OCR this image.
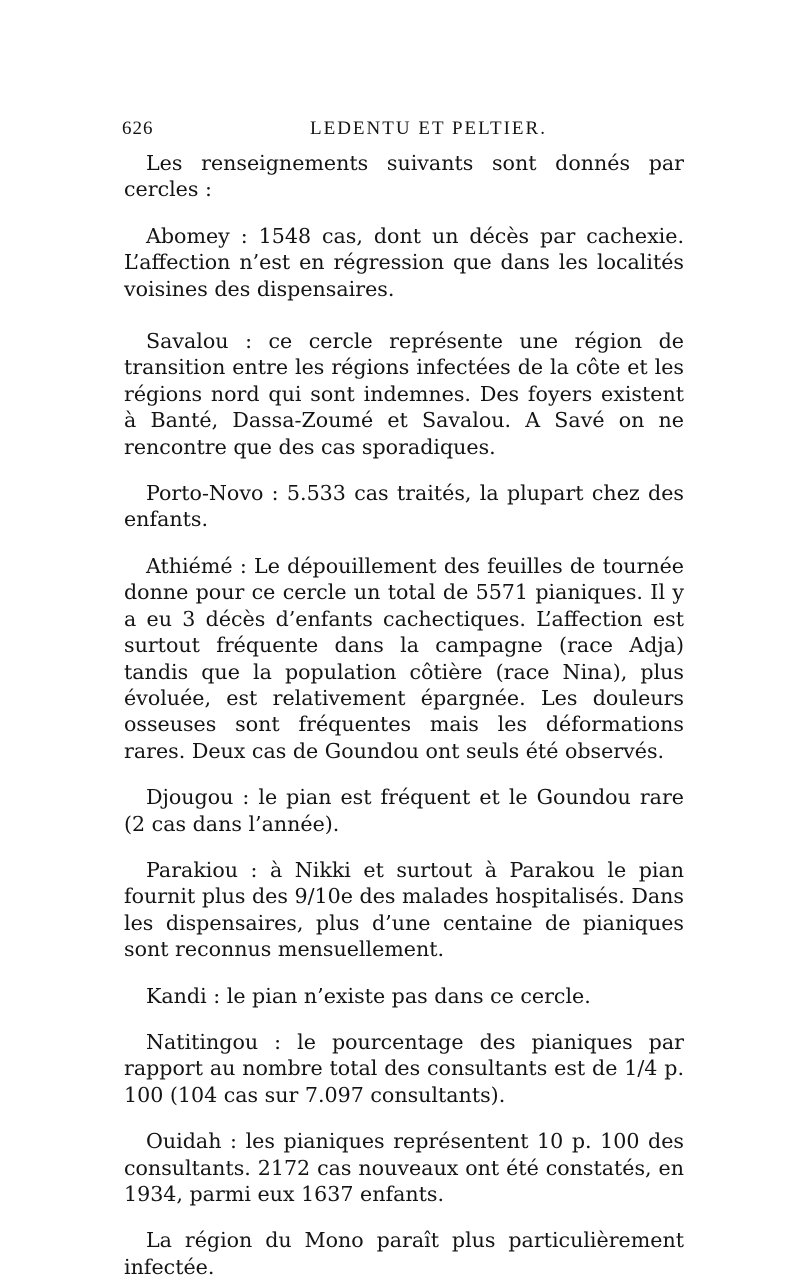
626	LEDENTU ET PELTIER.

Les renseignements suivants sont donnés par cercles :

Abomey : 1548 cas, dont un décès par cachexie. L’affection n’est en régression que dans les localités voisines des dispensaires.

Savalou : ce cercle représente une région de transition entre les régions infectées de la côte et les régions nord qui sont indemnes. Des foyers existent à Banté, Dassa-Zoumé et Savalou. A Savé on ne rencontre que des cas sporadiques.

Porto-Novo : 5.533 cas traités, la plupart chez des enfants.

Athiémé : Le dépouillement des feuilles de tournée donne pour ce cercle un total de 5571 pianiques. Il y a eu 3 décès d’enfants cachectiques. L’affection est surtout fréquente dans la campagne (race Adja) tandis que la population côtière (race Nina), plus évoluée, est relativement épargnée. Les douleurs osseuses sont fréquentes mais les déformations rares. Deux cas de Goundou ont seuls été observés.

Djougou : le pian est fréquent et le Goundou rare (2 cas dans l’année).

Parakiou : à Nikki et surtout à Parakou le pian fournit plus des 9/10e des malades hospitalisés. Dans les dispensaires, plus d’une centaine de pianiques sont reconnus mensuellement.

Kandi : le pian n’existe pas dans ce cercle.

Natitingou : le pourcentage des pianiques par rapport au nombre total des consultants est de 1/4 p. 100 (104 cas sur 7.097 consultants).

Ouidah : les pianiques représentent 10 p. 100 des consultants. 2172 cas nouveaux ont été constatés, en 1934, parmi eux 1637 enfants.

La région du Mono paraît plus particulièrement infectée.
